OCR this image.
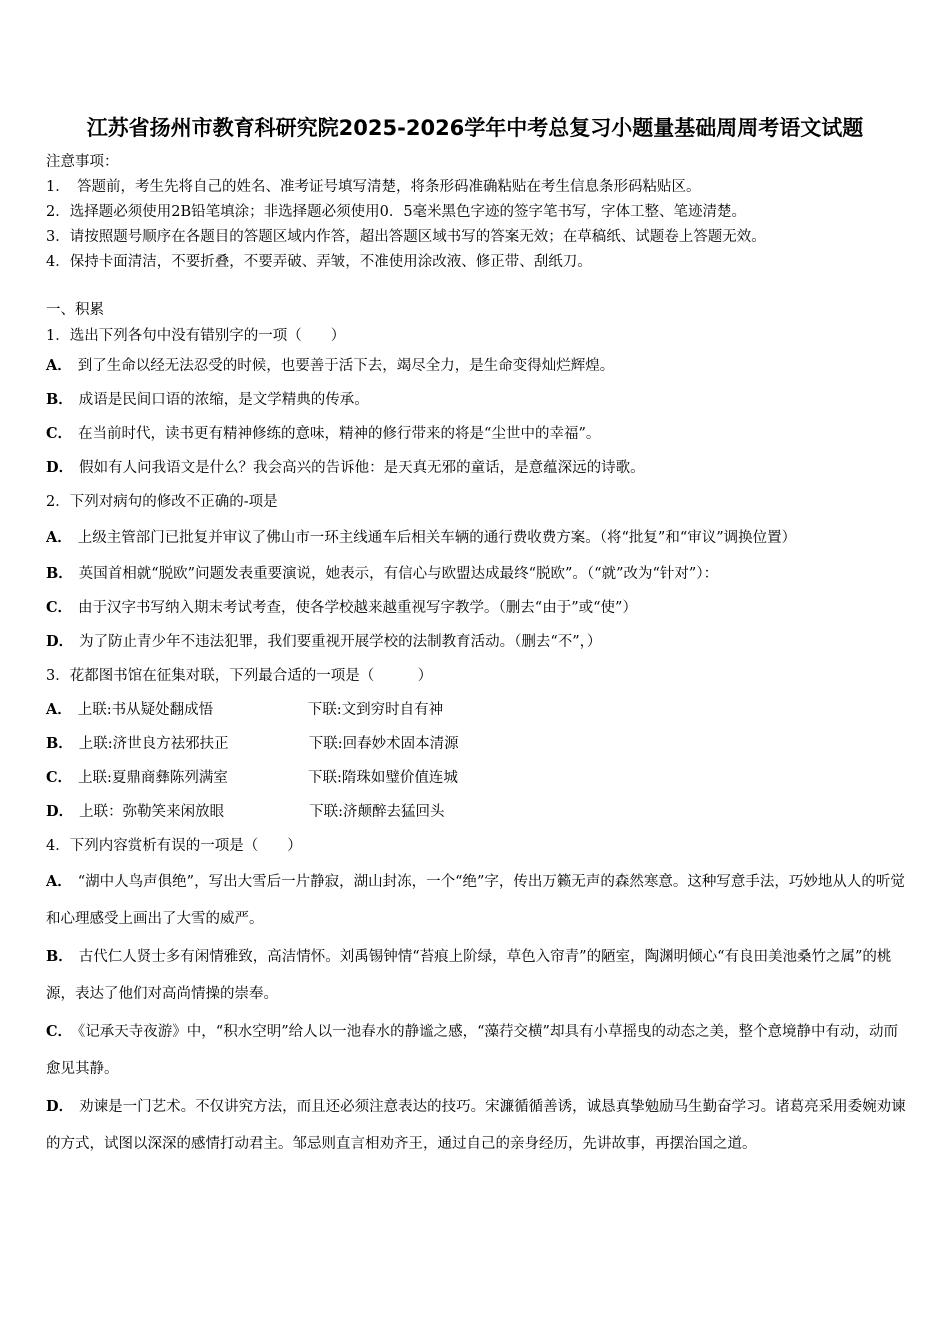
江苏省扬州市教育科研究院2025-2026学年中考总复习小题量基础周周考语文试题
注意事项：
1．　答题前，考生先将自己的姓名、准考证号填写清楚，将条形码准确粘贴在考生信息条形码粘贴区。
2．选择题必须使用2B铅笔填涂；非选择题必须使用0．5毫米黑色字迹的签字笔书写，字体工整、笔迹清楚。
3．请按照题号顺序在各题目的答题区域内作答，超出答题区域书写的答案无效；在草稿纸、试题卷上答题无效。
4．保持卡面清洁，不要折叠，不要弄破、弄皱，不准使用涂改液、修正带、刮纸刀。
一、积累
1．选出下列各句中没有错别字的一项（　　）
A． 到了生命以经无法忍受的时候，也要善于活下去，竭尽全力，是生命变得灿烂辉煌。
B． 成语是民间口语的浓缩，是文学精典的传承。
C． 在当前时代，读书更有精神修练的意味，精神的修行带来的将是“尘世中的幸福”。
D． 假如有人问我语文是什么？我会高兴的告诉他：是天真无邪的童话，是意蕴深远的诗歌。
2．下列对病句的修改不正确的-项是
A． 上级主管部门已批复并审议了佛山市一环主线通车后相关车辆的通行费收费方案。（将“批复”和“审议”调换位置）
B． 英国首相就“脱欧”问题发表重要演说，她表示，有信心与欧盟达成最终“脱欧”。（“就”改为“针对”）：
C． 由于汉字书写纳入期末考试考查，使各学校越来越重视写字教学。（删去“由于”或“使”）
D． 为了防止青少年不违法犯罪，我们要重视开展学校的法制教育活动。（删去“不”，）
3．花都图书馆在征集对联，下列最合适的一项是（　　　）
A． 上联:书从疑处翻成悟	下联:文到穷时自有神
B． 上联:济世良方祛邪扶正	下联:回春妙术固本清源
C． 上联:夏鼎商彝陈列满室	下联:隋珠如璧价值连城
D． 上联：弥勒笑来闲放眼	下联:济颠醉去猛回头
4．下列内容赏析有误的一项是（　　）
A． “湖中人鸟声俱绝”，写出大雪后一片静寂，湖山封冻，一个“绝”字，传出万籁无声的森然寒意。这种写意手法，巧妙地从人的听觉和心理感受上画出了大雪的威严。
B． 古代仁人贤士多有闲情雅致，高洁情怀。刘禹锡钟情“苔痕上阶绿，草色入帘青”的陋室，陶渊明倾心“有良田美池桑竹之属”的桃源，表达了他们对高尚情操的崇奉。
C． 《记承天寺夜游》中，“积水空明”给人以一池春水的静谧之感，“藻荇交横”却具有小草摇曳的动态之美，整个意境静中有动，动而愈见其静。
D． 劝谏是一门艺术。不仅讲究方法，而且还必须注意表达的技巧。宋濂循循善诱，诚恳真挚勉励马生勤奋学习。诸葛亮采用委婉劝谏的方式，试图以深深的感情打动君主。邹忌则直言相劝齐王，通过自己的亲身经历，先讲故事，再摆治国之道。
